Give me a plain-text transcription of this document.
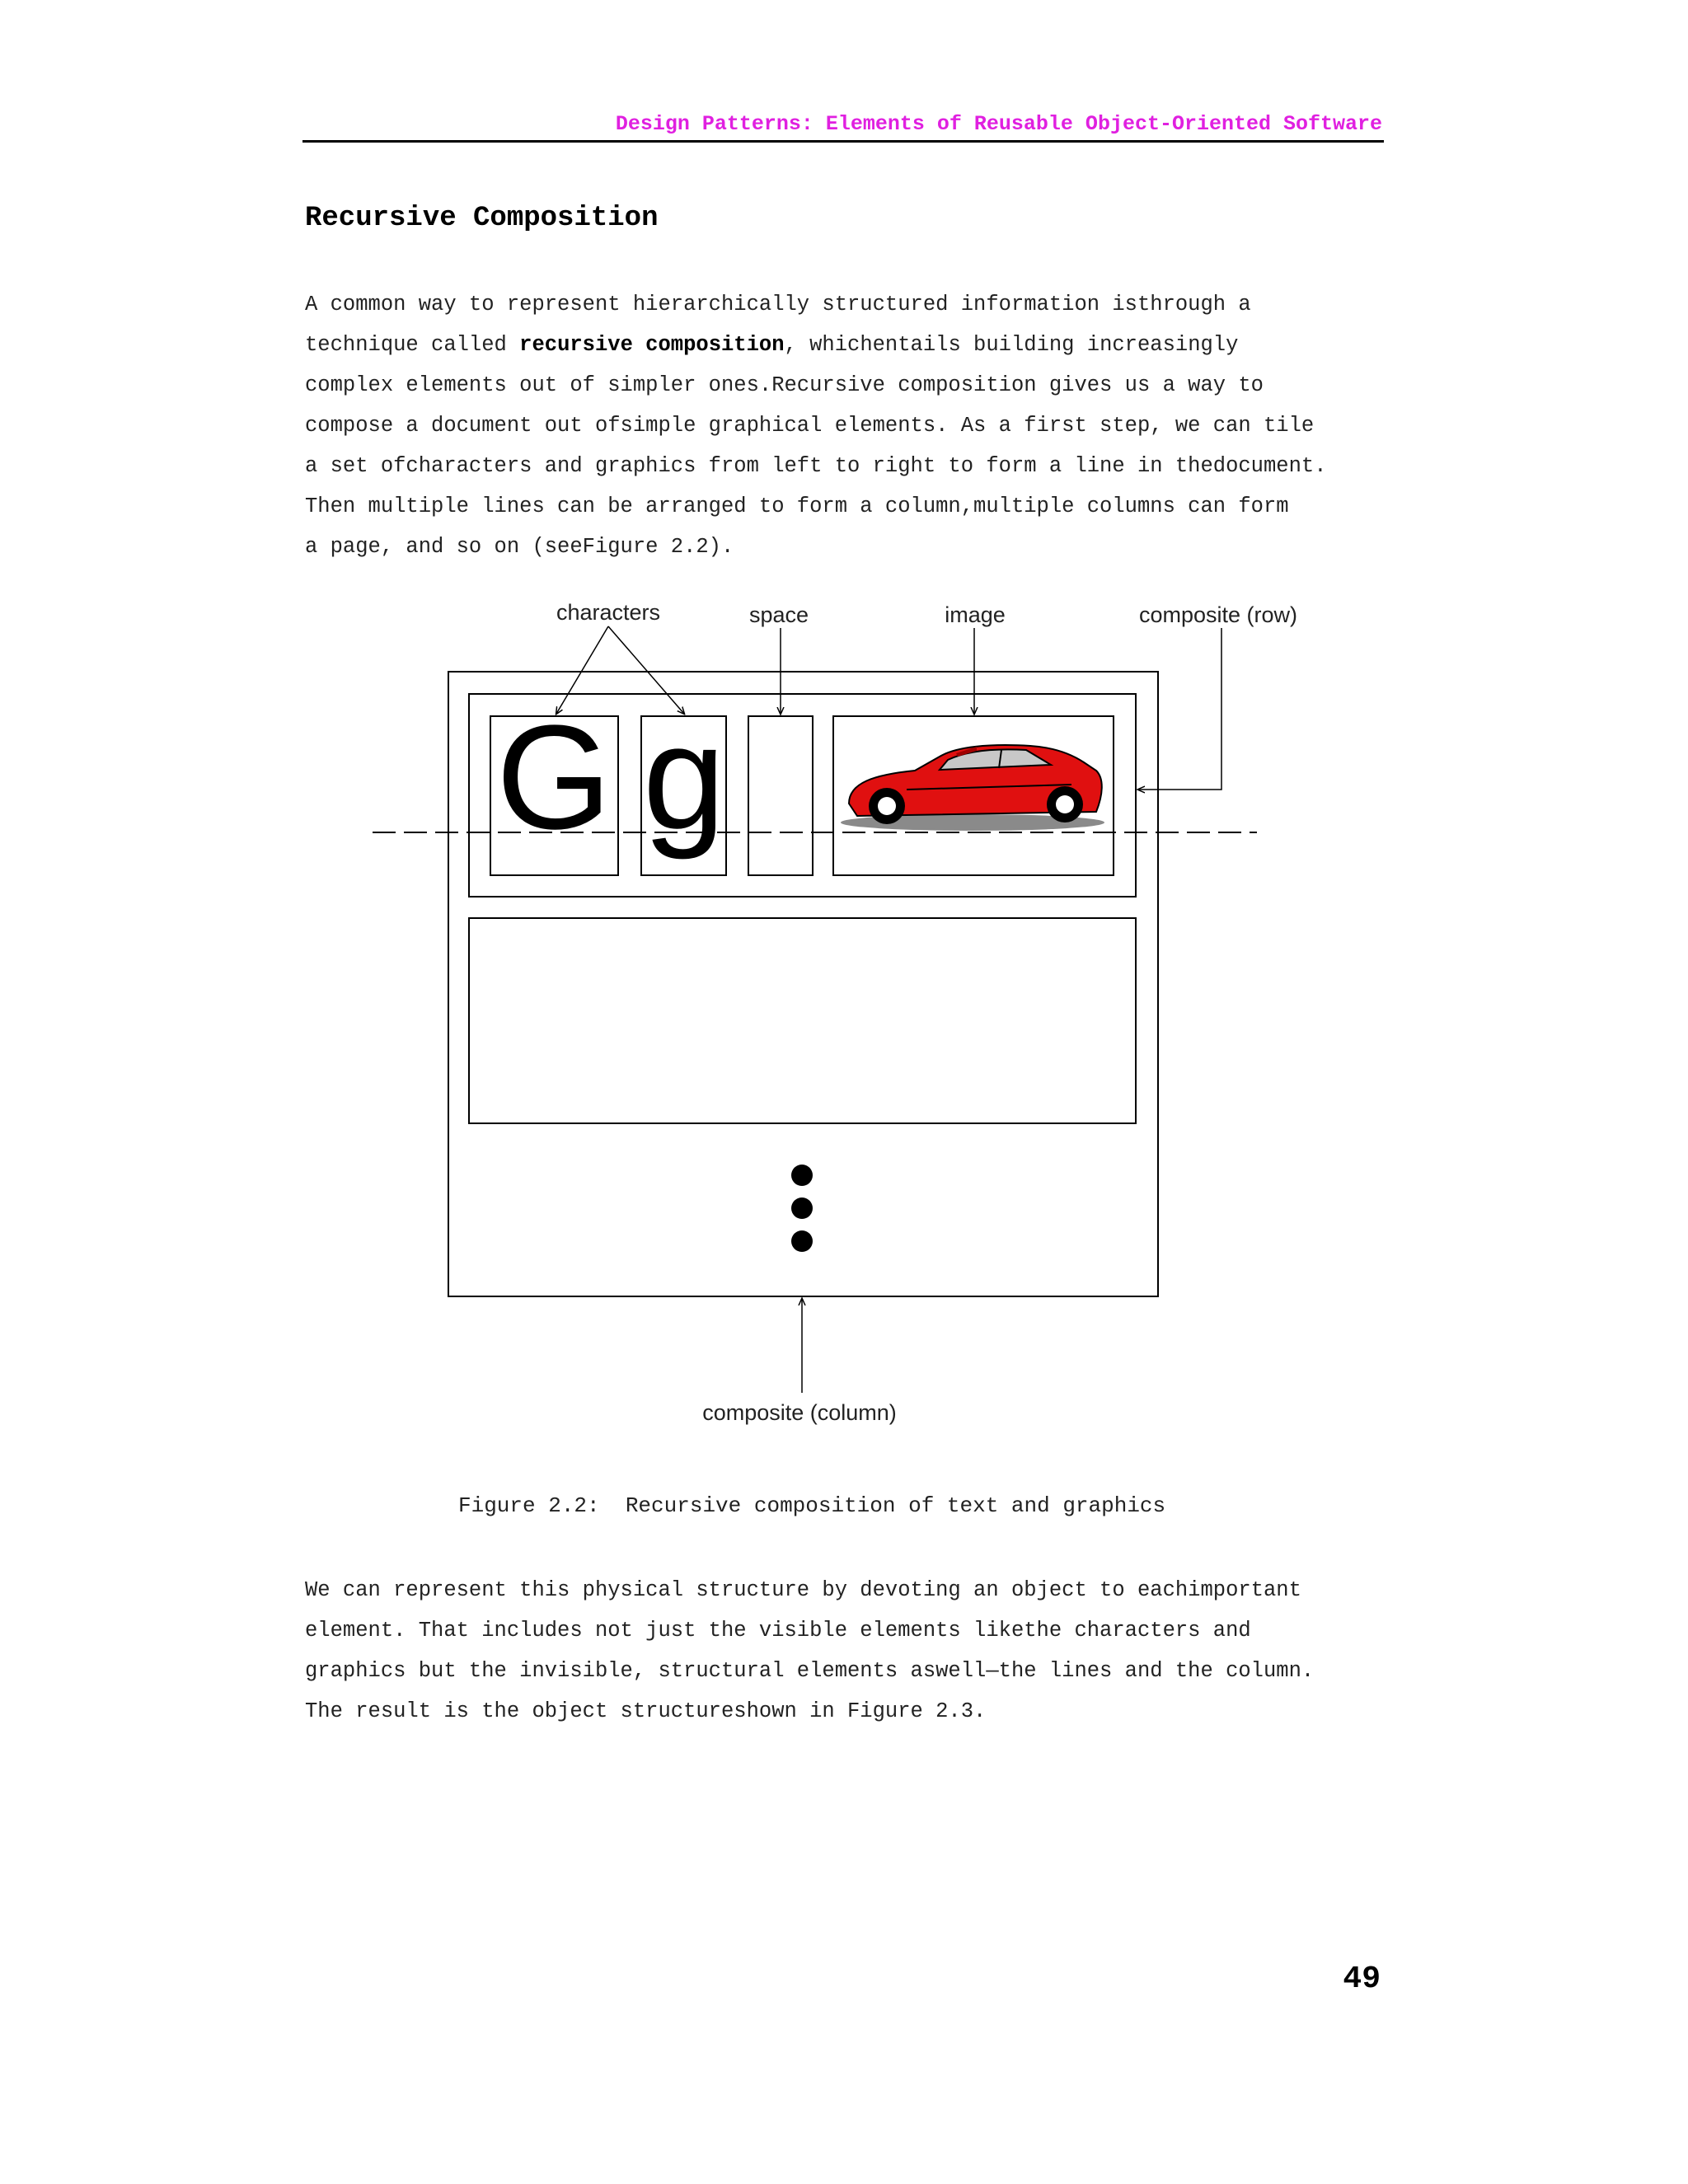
Design Patterns: Elements of Reusable Object-Oriented Software
Recursive Composition
A common way to represent hierarchically structured information isthrough a
technique called recursive composition, whichentails building increasingly
complex elements out of simpler ones.Recursive composition gives us a way to
compose a document out ofsimple graphical elements. As a first step, we can tile
a set ofcharacters and graphics from left to right to form a line in thedocument.
Then multiple lines can be arranged to form a column,multiple columns can form
a page, and so on (seeFigure 2.2).
characters	space	image	composite (row)
composite (column)
G g
Figure 2.2:  Recursive composition of text and graphics
We can represent this physical structure by devoting an object to eachimportant
element. That includes not just the visible elements likethe characters and
graphics but the invisible, structural elements aswell—the lines and the column.
The result is the object structureshown in Figure 2.3.
49
